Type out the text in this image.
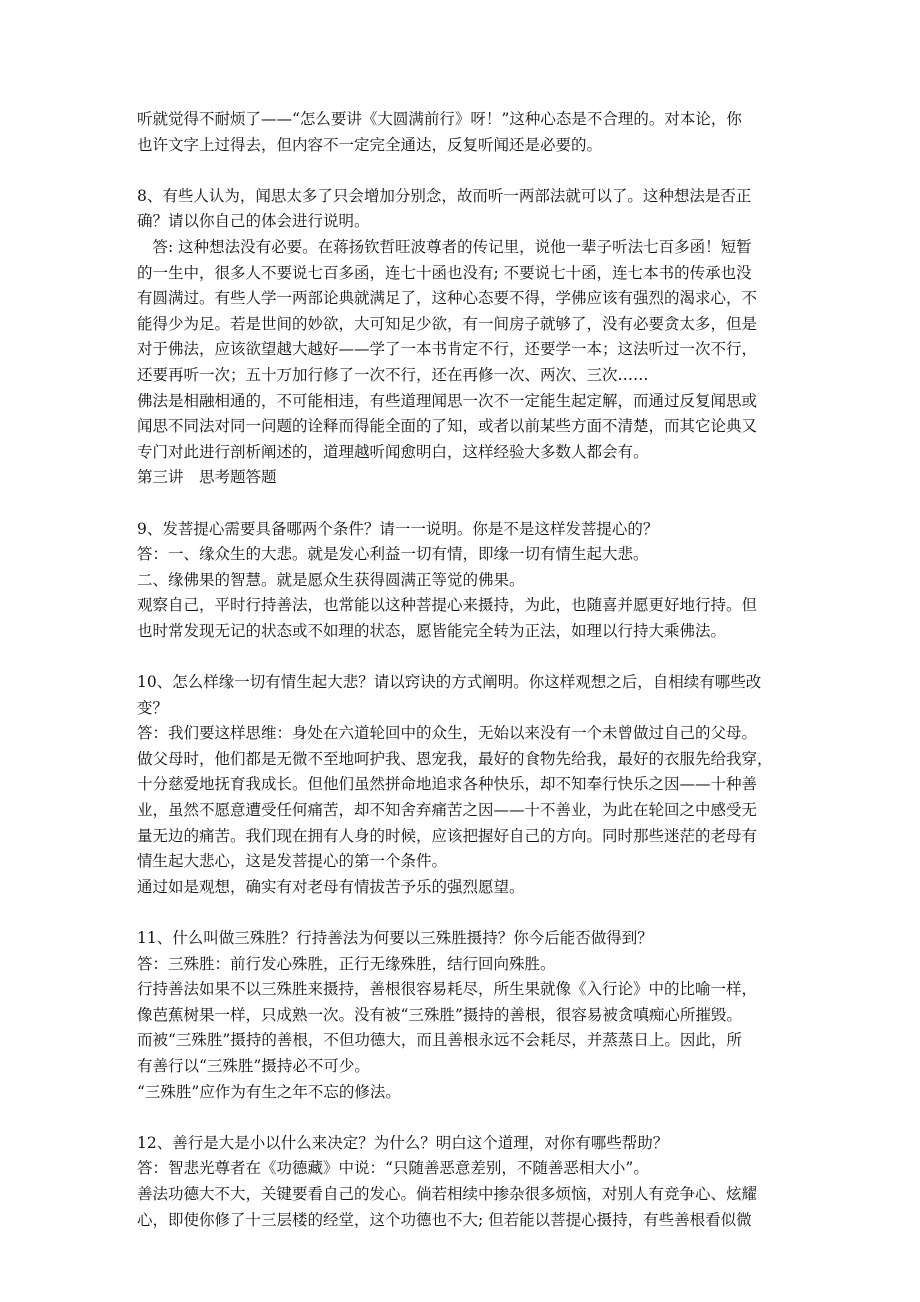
听就觉得不耐烦了——“怎么要讲《大圆满前行》呀！”这种心态是不合理的。对本论，你
也许文字上过得去，但内容不一定完全通达，反复听闻还是必要的。
8、有些人认为，闻思太多了只会增加分别念，故而听一两部法就可以了。这种想法是否正
确？请以你自己的体会进行说明。
　答: 这种想法没有必要。在蒋扬钦哲旺波尊者的传记里，说他一辈子听法七百多函！短暂
的一生中，很多人不要说七百多函，连七十函也没有; 不要说七十函，连七本书的传承也没
有圆满过。有些人学一两部论典就满足了，这种心态要不得，学佛应该有强烈的渴求心，不
能得少为足。若是世间的妙欲，大可知足少欲，有一间房子就够了，没有必要贪太多，但是
对于佛法，应该欲望越大越好——学了一本书肯定不行，还要学一本；这法听过一次不行，
还要再听一次；五十万加行修了一次不行，还在再修一次、两次、三次……
佛法是相融相通的，不可能相违，有些道理闻思一次不一定能生起定解，而通过反复闻思或
闻思不同法对同一问题的诠释而得能全面的了知，或者以前某些方面不清楚，而其它论典又
专门对此进行剖析阐述的，道理越听闻愈明白，这样经验大多数人都会有。
第三讲　思考题答题
9、发菩提心需要具备哪两个条件？请一一说明。你是不是这样发菩提心的？
答：一、缘众生的大悲。就是发心利益一切有情，即缘一切有情生起大悲。
二、缘佛果的智慧。就是愿众生获得圆满正等觉的佛果。
观察自己，平时行持善法，也常能以这种菩提心来摄持，为此，也随喜并愿更好地行持。但
也时常发现无记的状态或不如理的状态，愿皆能完全转为正法，如理以行持大乘佛法。
10、怎么样缘一切有情生起大悲？请以窍诀的方式阐明。你这样观想之后，自相续有哪些改
变？
答：我们要这样思维：身处在六道轮回中的众生，无始以来没有一个未曾做过自己的父母。
做父母时，他们都是无微不至地呵护我、恩宠我，最好的食物先给我，最好的衣服先给我穿，
十分慈爱地抚育我成长。但他们虽然拼命地追求各种快乐，却不知奉行快乐之因——十种善
业，虽然不愿意遭受任何痛苦，却不知舍弃痛苦之因——十不善业，为此在轮回之中感受无
量无边的痛苦。我们现在拥有人身的时候，应该把握好自己的方向。同时那些迷茫的老母有
情生起大悲心，这是发菩提心的第一个条件。
通过如是观想，确实有对老母有情拔苦予乐的强烈愿望。
11、什么叫做三殊胜？行持善法为何要以三殊胜摄持？你今后能否做得到？
答：三殊胜：前行发心殊胜，正行无缘殊胜，结行回向殊胜。
行持善法如果不以三殊胜来摄持，善根很容易耗尽，所生果就像《入行论》中的比喻一样，
像芭蕉树果一样，只成熟一次。没有被“三殊胜”摄持的善根，很容易被贪嗔痴心所摧毁。
而被“三殊胜”摄持的善根，不但功德大，而且善根永远不会耗尽，并蒸蒸日上。因此，所
有善行以“三殊胜”摄持必不可少。
“三殊胜”应作为有生之年不忘的修法。
12、善行是大是小以什么来决定？为什么？明白这个道理，对你有哪些帮助？
答：智悲光尊者在《功德藏》中说：“只随善恶意差别，不随善恶相大小”。
善法功德大不大，关键要看自己的发心。倘若相续中掺杂很多烦恼，对别人有竞争心、炫耀
心，即使你修了十三层楼的经堂，这个功德也不大; 但若能以菩提心摄持，有些善根看似微
